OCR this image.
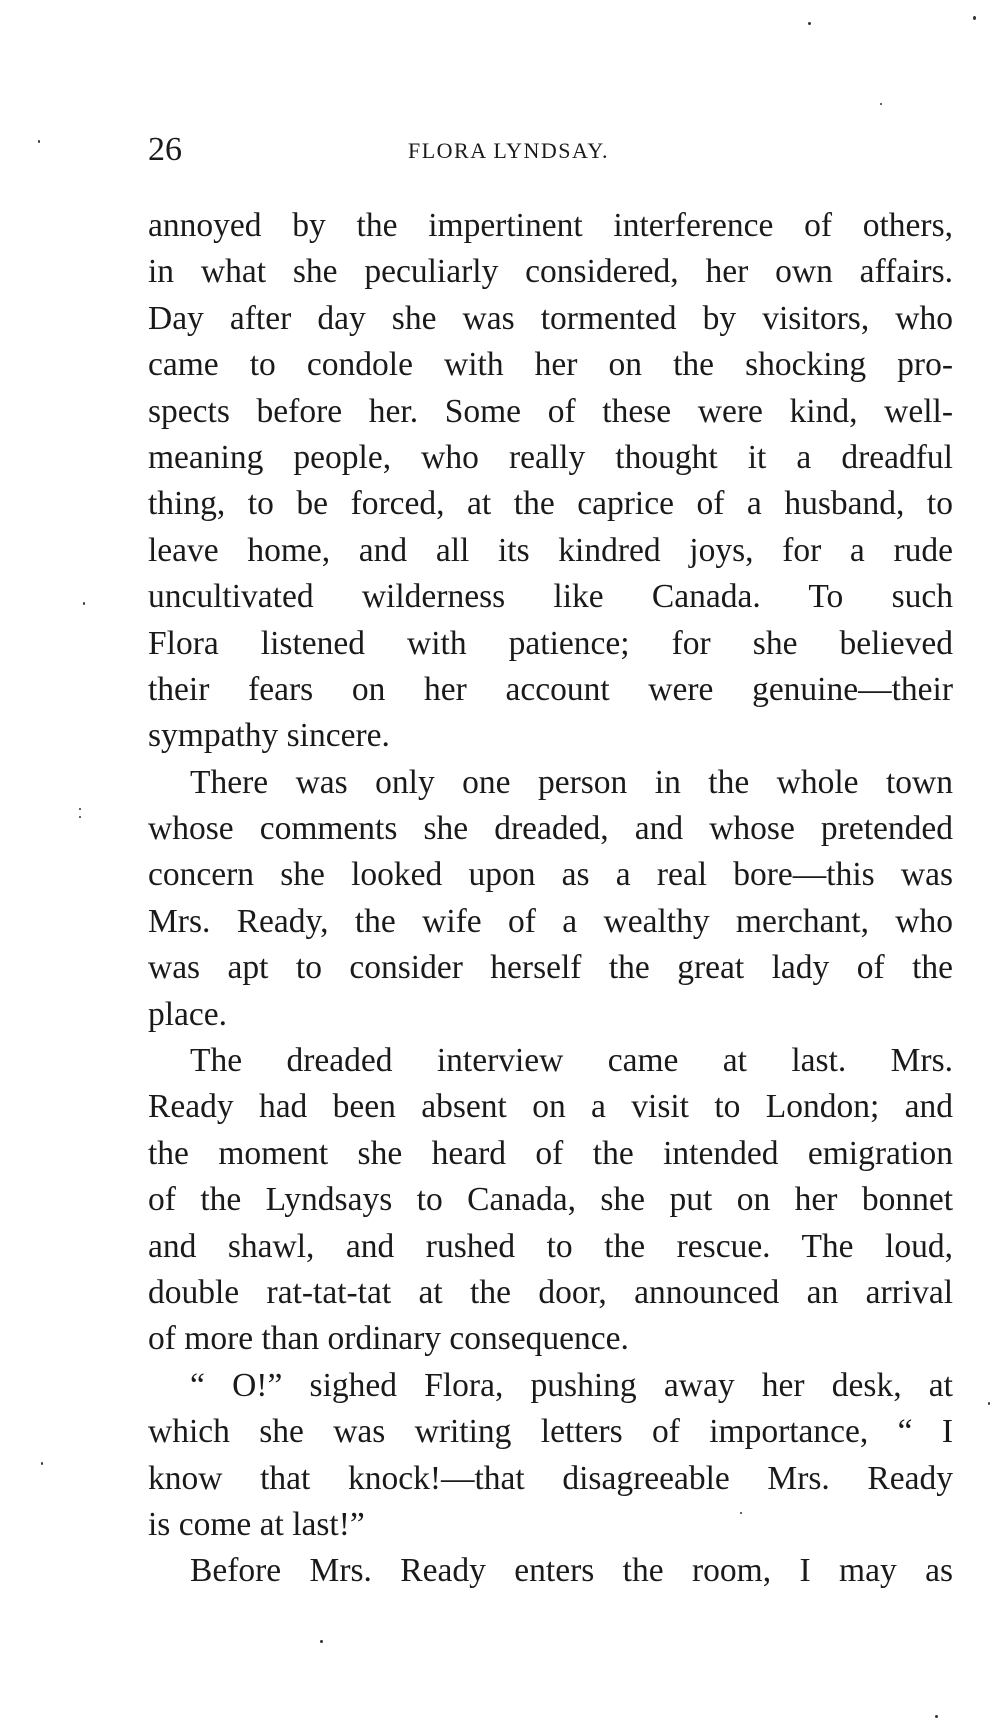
26	FLORA LYNDSAY.
annoyed by the impertinent interference of others,
in what she peculiarly considered, her own affairs.
Day after day she was tormented by visitors, who
came to condole with her on the shocking pro-
spects before her. Some of these were kind, well-
meaning people, who really thought it a dreadful
thing, to be forced, at the caprice of a husband, to
leave home, and all its kindred joys, for a rude
uncultivated wilderness like Canada. To such
Flora listened with patience; for she believed
their fears on her account were genuine—their
sympathy sincere.
There was only one person in the whole town
whose comments she dreaded, and whose pretended
concern she looked upon as a real bore—this was
Mrs. Ready, the wife of a wealthy merchant, who
was apt to consider herself the great lady of the
place.
The dreaded interview came at last. Mrs.
Ready had been absent on a visit to London; and
the moment she heard of the intended emigration
of the Lyndsays to Canada, she put on her bonnet
and shawl, and rushed to the rescue. The loud,
double rat-tat-tat at the door, announced an arrival
of more than ordinary consequence.
“ O!” sighed Flora, pushing away her desk, at
which she was writing letters of importance, “ I
know that knock!—that disagreeable Mrs. Ready
is come at last!”
Before Mrs. Ready enters the room, I may as
